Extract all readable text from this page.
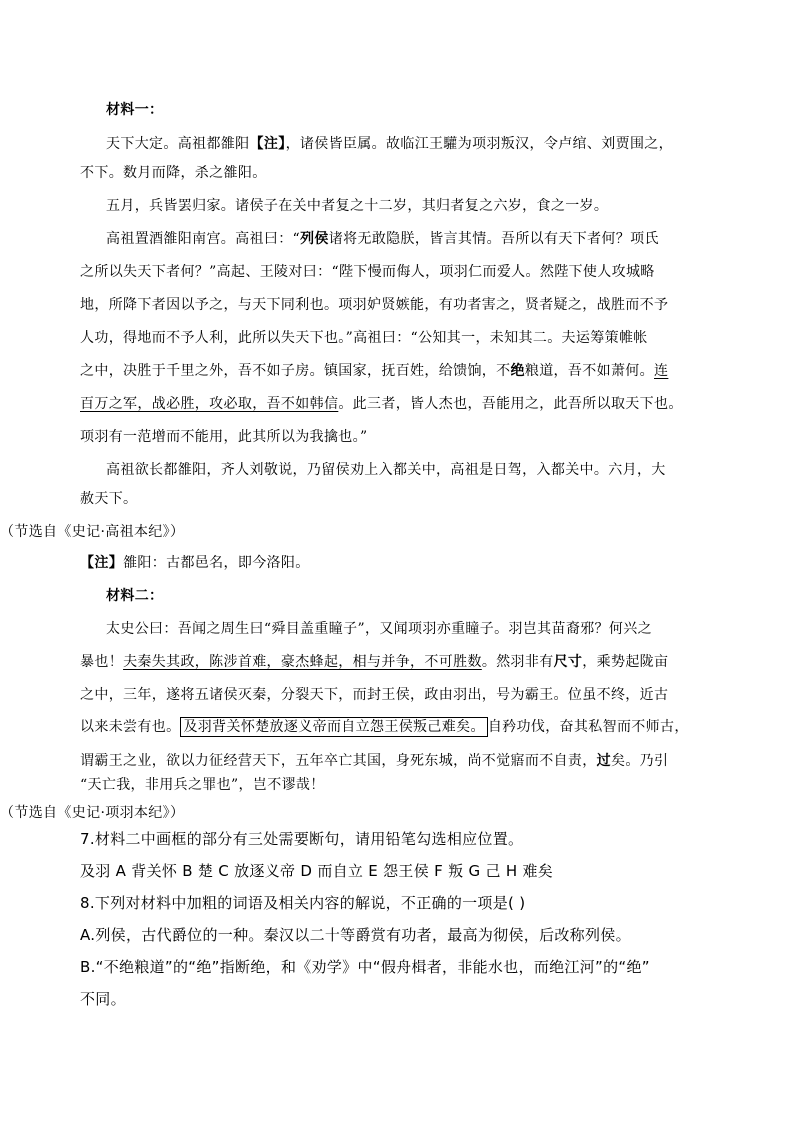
材料一：
天下大定。高祖都雒阳【注】，诸侯皆臣属。故临江王驩为项羽叛汉，令卢绾、刘贾围之，
不下。数月而降，杀之雒阳。
五月，兵皆罢归家。诸侯子在关中者复之十二岁，其归者复之六岁，食之一岁。
高祖置酒雒阳南宫。高祖曰：“列侯诸将无敢隐朕，皆言其情。吾所以有天下者何？项氏
之所以失天下者何？”高起、王陵对曰：“陛下慢而侮人，项羽仁而爱人。然陛下使人攻城略
地，所降下者因以予之，与天下同利也。项羽妒贤嫉能，有功者害之，贤者疑之，战胜而不予
人功，得地而不予人利，此所以失天下也。”高祖曰：“公知其一，未知其二。夫运筹策帷帐
之中，决胜于千里之外，吾不如子房。镇国家，抚百姓，给馈饷，不绝粮道，吾不如萧何。连
百万之军，战必胜，攻必取，吾不如韩信。此三者，皆人杰也，吾能用之，此吾所以取天下也。
项羽有一范增而不能用，此其所以为我擒也。”
高祖欲长都雒阳，齐人刘敬说，乃留侯劝上入都关中，高祖是日驾，入都关中。六月，大
赦天下。
（节选自《史记·高祖本纪》）
【注】雒阳：古都邑名，即今洛阳。
材料二：
太史公曰：吾闻之周生曰“舜目盖重瞳子”，又闻项羽亦重瞳子。羽岂其苗裔邪？何兴之
暴也！夫秦失其政，陈涉首难，豪杰蜂起，相与并争，不可胜数。然羽非有尺寸，乘势起陇亩
之中，三年，遂将五诸侯灭秦，分裂天下，而封王侯，政由羽出，号为霸王。位虽不终，近古
以来未尝有也。 及羽背关怀楚放逐义帝而自立怨王侯叛己难矣。 自矜功伐，奋其私智而不师古，
谓霸王之业，欲以力征经营天下，五年卒亡其国，身死东城，尚不觉寤而不自责，过矣。乃引
“天亡我，非用兵之罪也”，岂不谬哉！
（节选自《史记·项羽本纪》）
7.材料二中画框的部分有三处需要断句，请用铅笔勾选相应位置。
及羽 A 背关怀 B 楚 C 放逐义帝 D 而自立 E 怨王侯 F 叛 G 己 H 难矣
8.下列对材料中加粗的词语及相关内容的解说，不正确的一项是( )
A.列侯，古代爵位的一种。秦汉以二十等爵赏有功者，最高为彻侯，后改称列侯。
B.“不绝粮道”的“绝”指断绝，和《劝学》中“假舟楫者，非能水也，而绝江河”的“绝”
不同。
